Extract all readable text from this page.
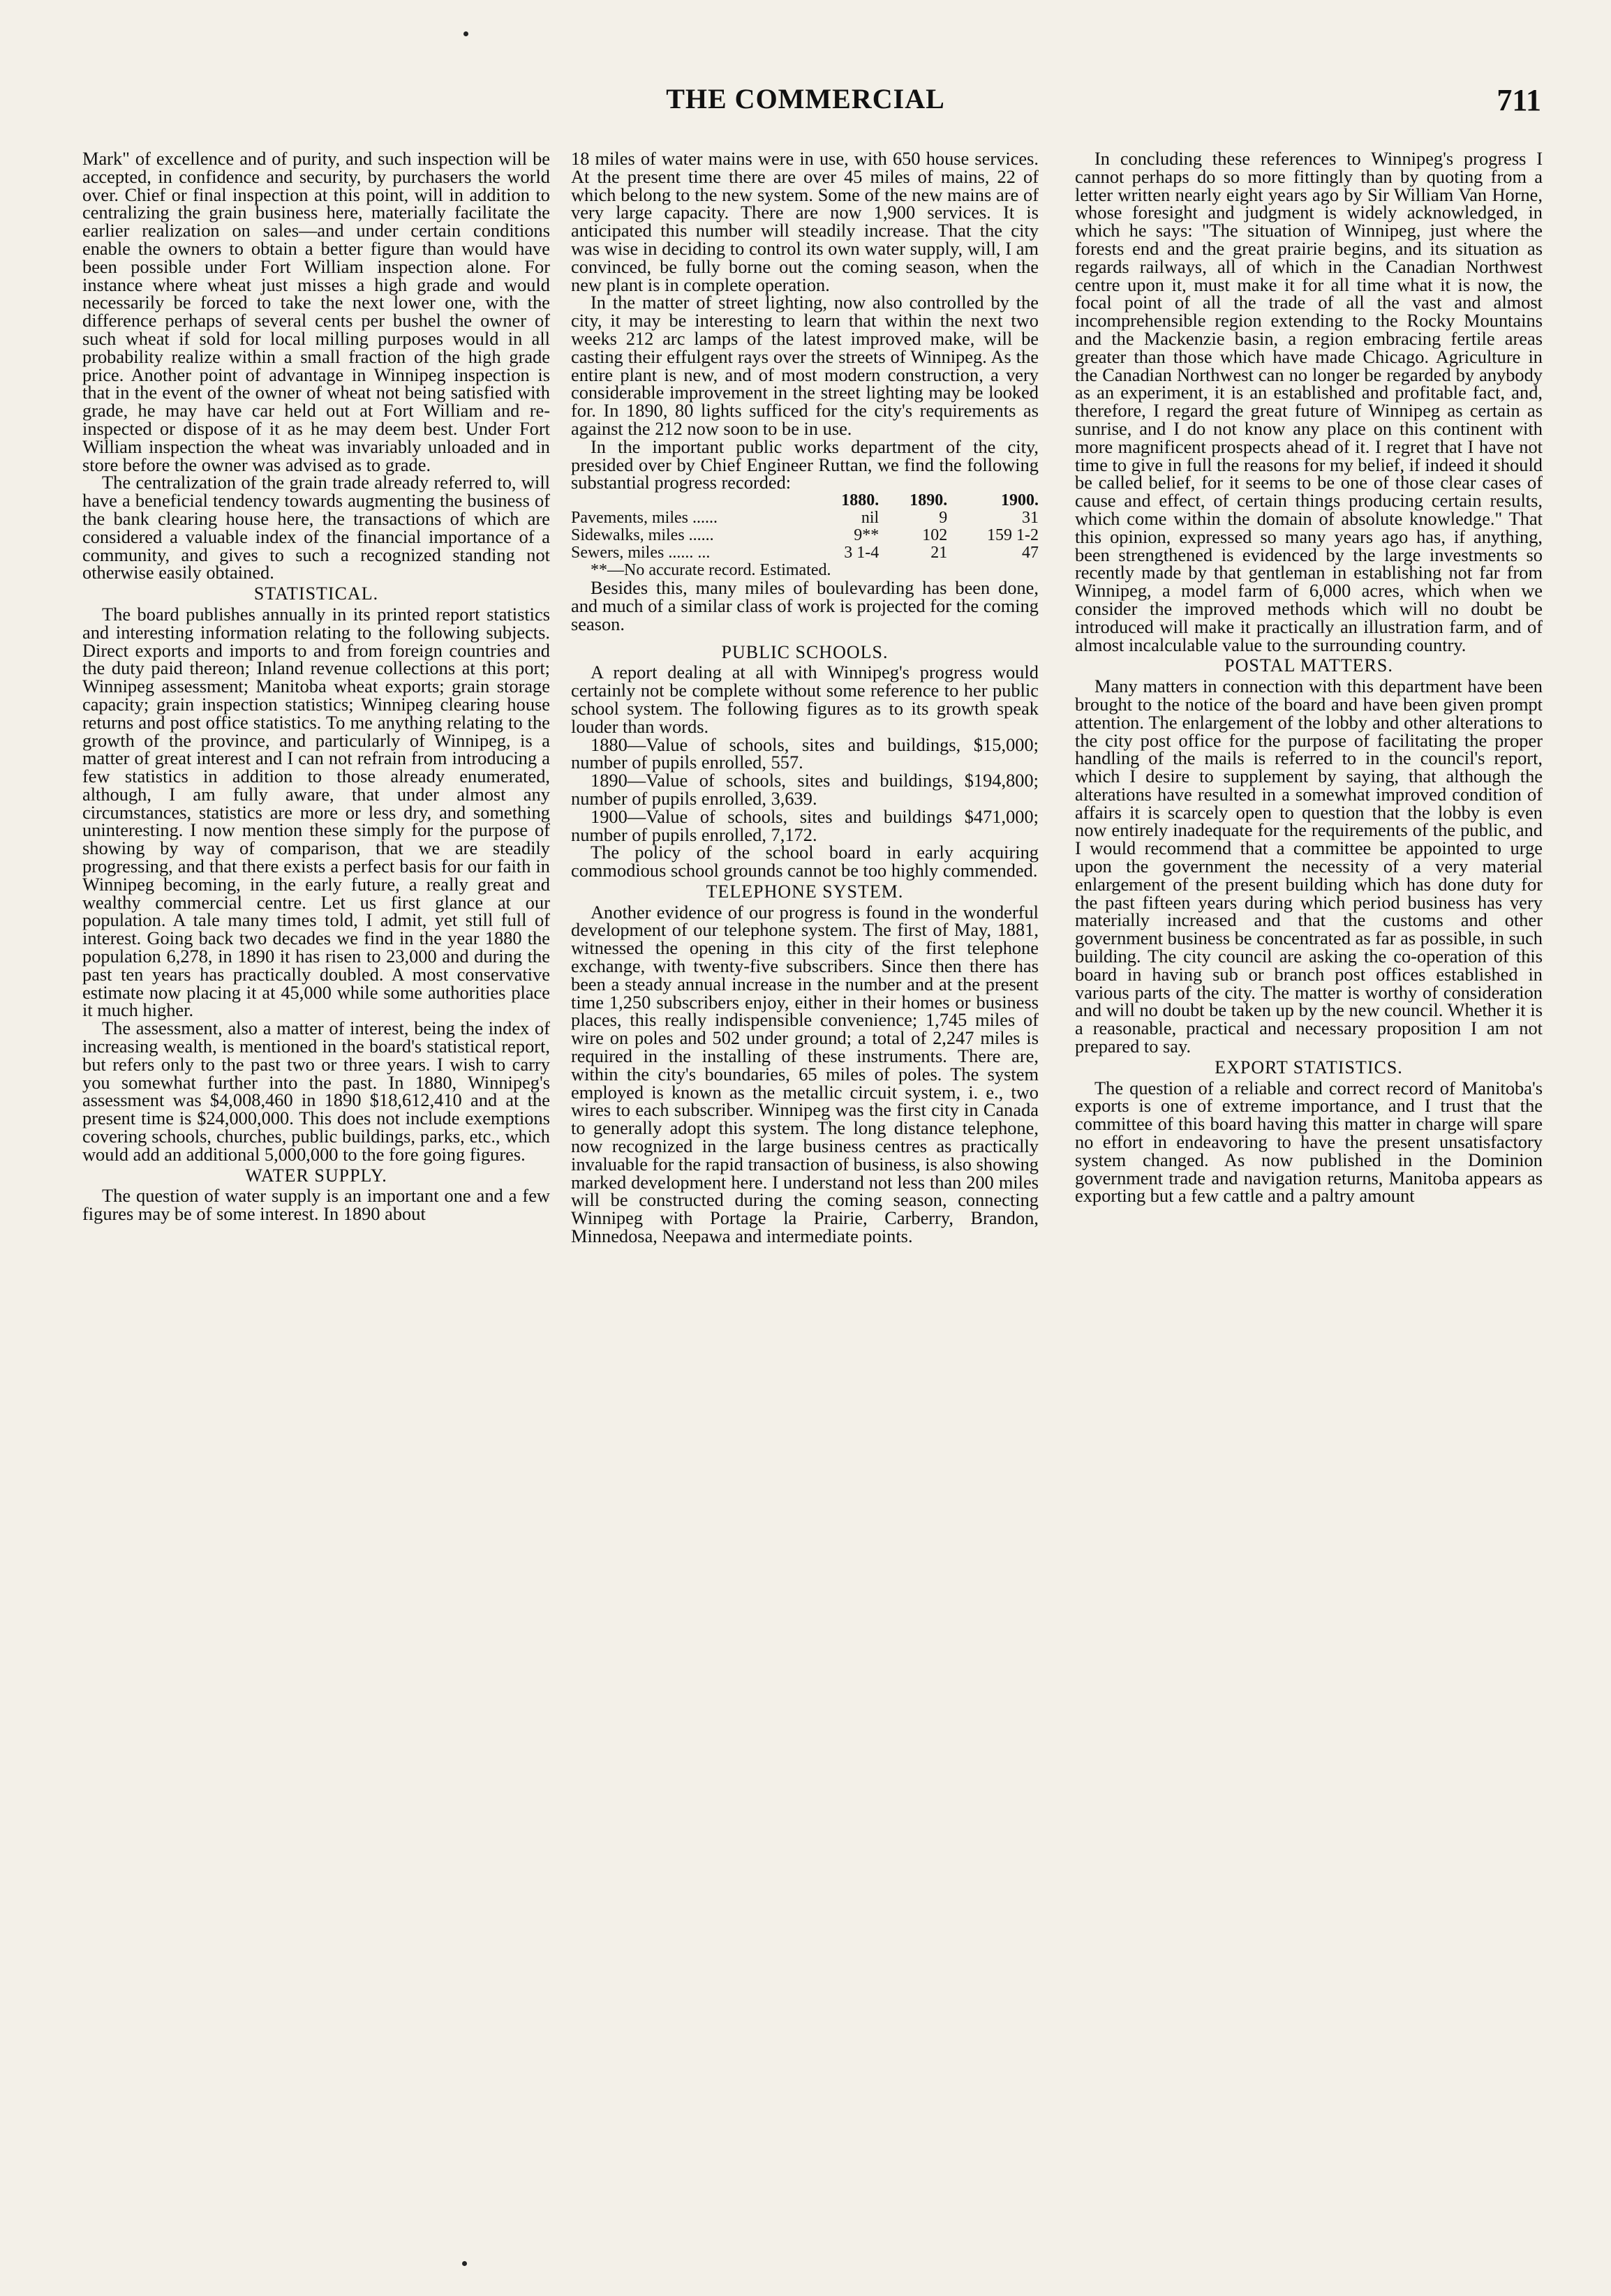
THE COMMERCIAL	711

Mark" of excellence and of purity, and such inspection will be accepted, in confidence and security, by purchasers the world over. Chief or final inspection at this point, will in addition to centralizing the grain business here, materially facilitate the earlier realization on sales—and under certain conditions enable the owners to obtain a better figure than would have been possible under Fort William inspection alone. For instance where wheat just misses a high grade and would necessarily be forced to take the next lower one, with the difference perhaps of several cents per bushel the owner of such wheat if sold for local milling purposes would in all probability realize within a small fraction of the high grade price. Another point of advantage in Winnipeg inspection is that in the event of the owner of wheat not being satisfied with grade, he may have car held out at Fort William and re-inspected or dispose of it as he may deem best. Under Fort William inspection the wheat was invariably unloaded and in store before the owner was advised as to grade.

The centralization of the grain trade already referred to, will have a beneficial tendency towards augmenting the business of the bank clearing house here, the transactions of which are considered a valuable index of the financial importance of a community, and gives to such a recognized standing not otherwise easily obtained.

STATISTICAL.

The board publishes annually in its printed report statistics and interesting information relating to the following subjects. Direct exports and imports to and from foreign countries and the duty paid thereon; Inland revenue collections at this port; Winnipeg assessment; Manitoba wheat exports; grain storage capacity; grain inspection statistics; Winnipeg clearing house returns and post office statistics. To me anything relating to the growth of the province, and particularly of Winnipeg, is a matter of great interest and I can not refrain from introducing a few statistics in addition to those already enumerated, although, I am fully aware, that under almost any circumstances, statistics are more or less dry, and something uninteresting. I now mention these simply for the purpose of showing by way of comparison, that we are steadily progressing, and that there exists a perfect basis for our faith in Winnipeg becoming, in the early future, a really great and wealthy commercial centre. Let us first glance at our population. A tale many times told, I admit, yet still full of interest. Going back two decades we find in the year 1880 the population 6,278, in 1890 it has risen to 23,000 and during the past ten years has practically doubled. A most conservative estimate now placing it at 45,000 while some authorities place it much higher.

The assessment, also a matter of interest, being the index of increasing wealth, is mentioned in the board's statistical report, but refers only to the past two or three years. I wish to carry you somewhat further into the past. In 1880, Winnipeg's assessment was $4,008,460 in 1890 $18,612,410 and at the present time is $24,000,000. This does not include exemptions covering schools, churches, public buildings, parks, etc., which would add an additional 5,000,000 to the fore going figures.

WATER SUPPLY.

The question of water supply is an important one and a few figures may be of some interest. In 1890 about

18 miles of water mains were in use, with 650 house services. At the present time there are over 45 miles of mains, 22 of which belong to the new system. Some of the new mains are of very large capacity. There are now 1,900 services. It is anticipated this number will steadily increase. That the city was wise in deciding to control its own water supply, will, I am convinced, be fully borne out the coming season, when the new plant is in complete operation.

In the matter of street lighting, now also controlled by the city, it may be interesting to learn that within the next two weeks 212 arc lamps of the latest improved make, will be casting their effulgent rays over the streets of Winnipeg. As the entire plant is new, and of most modern construction, a very considerable improvement in the street lighting may be looked for. In 1890, 80 lights sufficed for the city's requirements as against the 212 now soon to be in use.

In the important public works department of the city, presided over by Chief Engineer Ruttan, we find the following substantial progress recorded:

	1880.	1890.	1900.
Pavements, miles ......	nil	9	31
Sidewalks, miles ......	9**	102	159 1-2
Sewers, miles ...... ...	3 1-4	21	47

**—No accurate record. Estimated.

Besides this, many miles of boulevarding has been done, and much of a similar class of work is projected for the coming season.

PUBLIC SCHOOLS.

A report dealing at all with Winnipeg's progress would certainly not be complete without some reference to her public school system. The following figures as to its growth speak louder than words.

1880—Value of schools, sites and buildings, $15,000; number of pupils enrolled, 557.

1890—Value of schools, sites and buildings, $194,800; number of pupils enrolled, 3,639.

1900—Value of schools, sites and buildings $471,000; number of pupils enrolled, 7,172.

The policy of the school board in early acquiring commodious school grounds cannot be too highly commended.

TELEPHONE SYSTEM.

Another evidence of our progress is found in the wonderful development of our telephone system. The first of May, 1881, witnessed the opening in this city of the first telephone exchange, with twenty-five subscribers. Since then there has been a steady annual increase in the number and at the present time 1,250 subscribers enjoy, either in their homes or business places, this really indispensible convenience; 1,745 miles of wire on poles and 502 under ground; a total of 2,247 miles is required in the installing of these instruments. There are, within the city's boundaries, 65 miles of poles. The system employed is known as the metallic circuit system, i. e., two wires to each subscriber. Winnipeg was the first city in Canada to generally adopt this system. The long distance telephone, now recognized in the large business centres as practically invaluable for the rapid transaction of business, is also showing marked development here. I understand not less than 200 miles will be constructed during the coming season, connecting Winnipeg with Portage la Prairie, Carberry, Brandon, Minnedosa, Neepawa and intermediate points.

In concluding these references to Winnipeg's progress I cannot perhaps do so more fittingly than by quoting from a letter written nearly eight years ago by Sir William Van Horne, whose foresight and judgment is widely acknowledged, in which he says: "The situation of Winnipeg, just where the forests end and the great prairie begins, and its situation as regards railways, all of which in the Canadian Northwest centre upon it, must make it for all time what it is now, the focal point of all the trade of all the vast and almost incomprehensible region extending to the Rocky Mountains and the Mackenzie basin, a region embracing fertile areas greater than those which have made Chicago. Agriculture in the Canadian Northwest can no longer be regarded by anybody as an experiment, it is an established and profitable fact, and, therefore, I regard the great future of Winnipeg as certain as sunrise, and I do not know any place on this continent with more magnificent prospects ahead of it. I regret that I have not time to give in full the reasons for my belief, if indeed it should be called belief, for it seems to be one of those clear cases of cause and effect, of certain things producing certain results, which come within the domain of absolute knowledge." That this opinion, expressed so many years ago has, if anything, been strengthened is evidenced by the large investments so recently made by that gentleman in establishing not far from Winnipeg, a model farm of 6,000 acres, which when we consider the improved methods which will no doubt be introduced will make it practically an illustration farm, and of almost incalculable value to the surrounding country.

POSTAL MATTERS.

Many matters in connection with this department have been brought to the notice of the board and have been given prompt attention. The enlargement of the lobby and other alterations to the city post office for the purpose of facilitating the proper handling of the mails is referred to in the council's report, which I desire to supplement by saying, that although the alterations have resulted in a somewhat improved condition of affairs it is scarcely open to question that the lobby is even now entirely inadequate for the requirements of the public, and I would recommend that a committee be appointed to urge upon the government the necessity of a very material enlargement of the present building which has done duty for the past fifteen years during which period business has very materially increased and that the customs and other government business be concentrated as far as possible, in such building. The city council are asking the co-operation of this board in having sub or branch post offices established in various parts of the city. The matter is worthy of consideration and will no doubt be taken up by the new council. Whether it is a reasonable, practical and necessary proposition I am not prepared to say.

EXPORT STATISTICS.

The question of a reliable and correct record of Manitoba's exports is one of extreme importance, and I trust that the committee of this board having this matter in charge will spare no effort in endeavoring to have the present unsatisfactory system changed. As now published in the Dominion government trade and navigation returns, Manitoba appears as exporting but a few cattle and a paltry amount
